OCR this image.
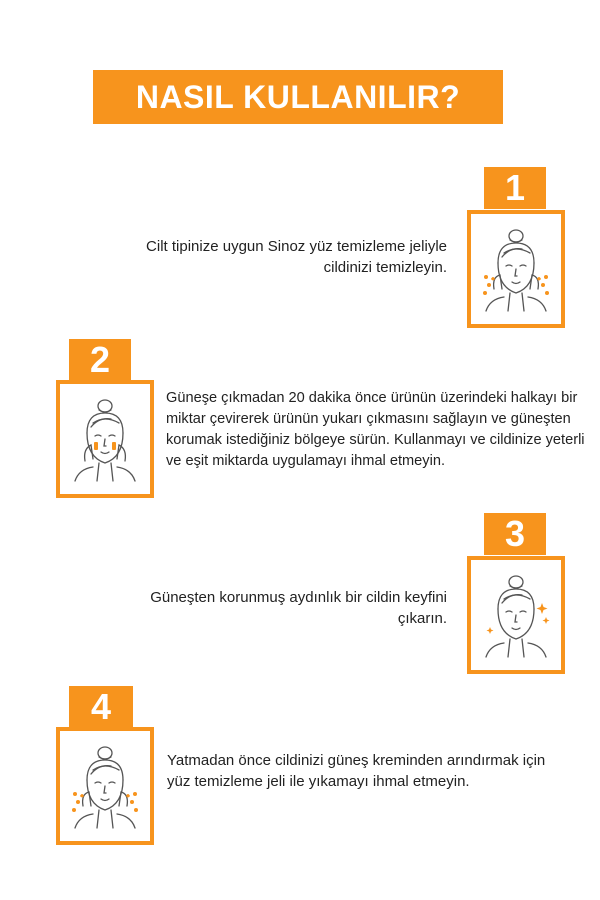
NASIL KULLANILIR?
1
Cilt tipinize uygun Sinoz yüz temizleme jeliyle cildinizi temizleyin.
2
Güneşe çıkmadan 20 dakika önce ürünün üzerindeki halkayı bir miktar çevirerek ürünün yukarı çıkmasını sağlayın ve güneşten korumak istediğiniz bölgeye sürün. Kullanmayı ve cildinize yeterli ve eşit miktarda uygulamayı ihmal etmeyin.
3
Güneşten korunmuş aydınlık bir cildin keyfini çıkarın.
4
Yatmadan önce cildinizi güneş kreminden arındırmak için yüz temizleme jeli ile yıkamayı ihmal etmeyin.
